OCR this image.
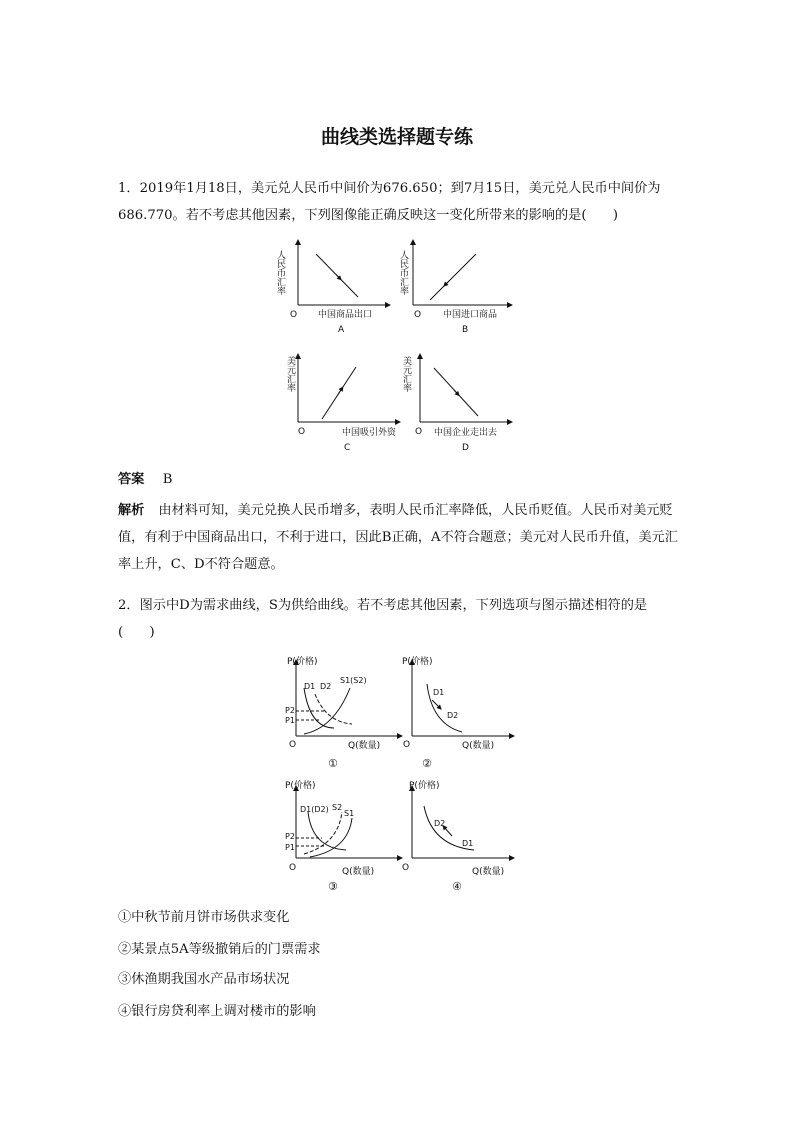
曲线类选择题专练

1．2019年1月18日，美元兑人民币中间价为676.650；到7月15日，美元兑人民币中间价为686.770。若不考虑其他因素，下列图像能正确反映这一变化所带来的影响的是(　　)

人民币汇率
O 中国商品出口
A
人民币汇率
O 中国进口商品
B
美元汇率
O	中国吸引外资
C
美元汇率
O 中国企业走出去
D

答案 B

解析 由材料可知，美元兑换人民币增多，表明人民币汇率降低，人民币贬值。人民币对美元贬值，有利于中国商品出口，不利于进口，因此B正确，A不符合题意；美元对人民币升值，美元汇率上升，C、D不符合题意。

2．图示中D为需求曲线，S为供给曲线。若不考虑其他因素，下列选项与图示描述相符的是(　　)

P(价格)
D1 D2
S1(S2)
P2
P1
O	Q(数量)
①
P(价格)
D1
D2
O	Q(数量)
②
P(价格)
D1(D2) S2
S1
P2
P1
O	Q(数量)
③
P(价格)
D2
D1
O	Q(数量)
④
①中秋节前月饼市场供求变化
②某景点5A等级撤销后的门票需求
③休渔期我国水产品市场状况
④银行房贷利率上调对楼市的影响
